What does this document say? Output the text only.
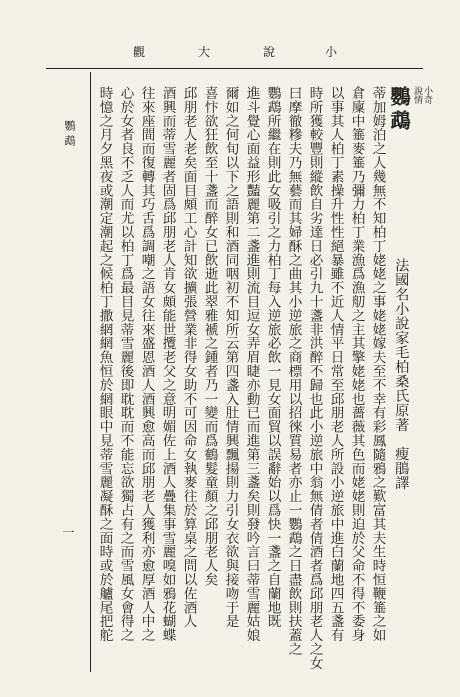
觀	大	說	小
鸚鵡
一
小奇
說情
鸚鵡
法國名小說家毛柏桑氏原著　瘦鵑譯
蒂加姆泊之人幾無不知柏丁姥姥之事姥姥嫁夫至不幸有彩鳳隨鴉之歎富其夫生時恒鞭箠之如
倉廩中箠麥箠乃彌力柏丁業漁爲漁舠之主其擎姥姥也薔薇其色而姥姥則迫於父命不得不委身
以事其人柏丁素操升性性絕暴雖不近人情平日常至邱朋老人所設小逆旅中進白蘭地四五盞有
時所獲較豐則縱飲自劣達日必引九十盞非洪醉不歸也此小逆旅中翁無倩者倩酒者爲邱朋老人之女
曰摩徹糝夫乃無藝而其婦酥之曲其小逆旅之商標用以招徠質易者亦止一鸚鵡之日盡飲則扶蓋之
鸚鵡所繼在則此女吸引之力柏丁每入逆旅必飲一見女面貿以誤辭始以爲快一盞之自蘭地既
進斗覺心面益形豔麗第二盞進則流目逗女弄眉睫亦動已而進第三盞矣則發吟言曰蒂雪麗姑娘
爾如之何旬以下之語則和酒同咽初不知所云第四盞入肚情興飄揚則力引女衣欲與接吻于是
喜忭欲狂飲至十盞而醉女已飲逝此翠雅褫之鍾者乃一變而爲鶴髮童顏之邱朋老人矣
邱朋老人老矣面目頗工心計知欲擴張營業非得女助不可因命女執麥往於算桌之問以佐酒人
酒興而蒂雪麗者固爲邱朋老人肯女頗能世攬老父之意明媚佐上酒人疊集事雪麗嗅如鴉花蝴蝶
往來座間而復轉其巧舌爲調嘲之語女往來盛恩酒人酒興愈高而邱朋老人獲利亦愈厚酒人中之
心於女者良不乏人而尤以柏丁爲最目見蒂雪麗後即耽耽而不能忘欲獨占有之而雪風女會得之
時憶之月夕黑夜或潮定潮起之候柏丁撒網網魚恒於網眼中見蒂雪麗凝酥之面時或於艫尾把舵
